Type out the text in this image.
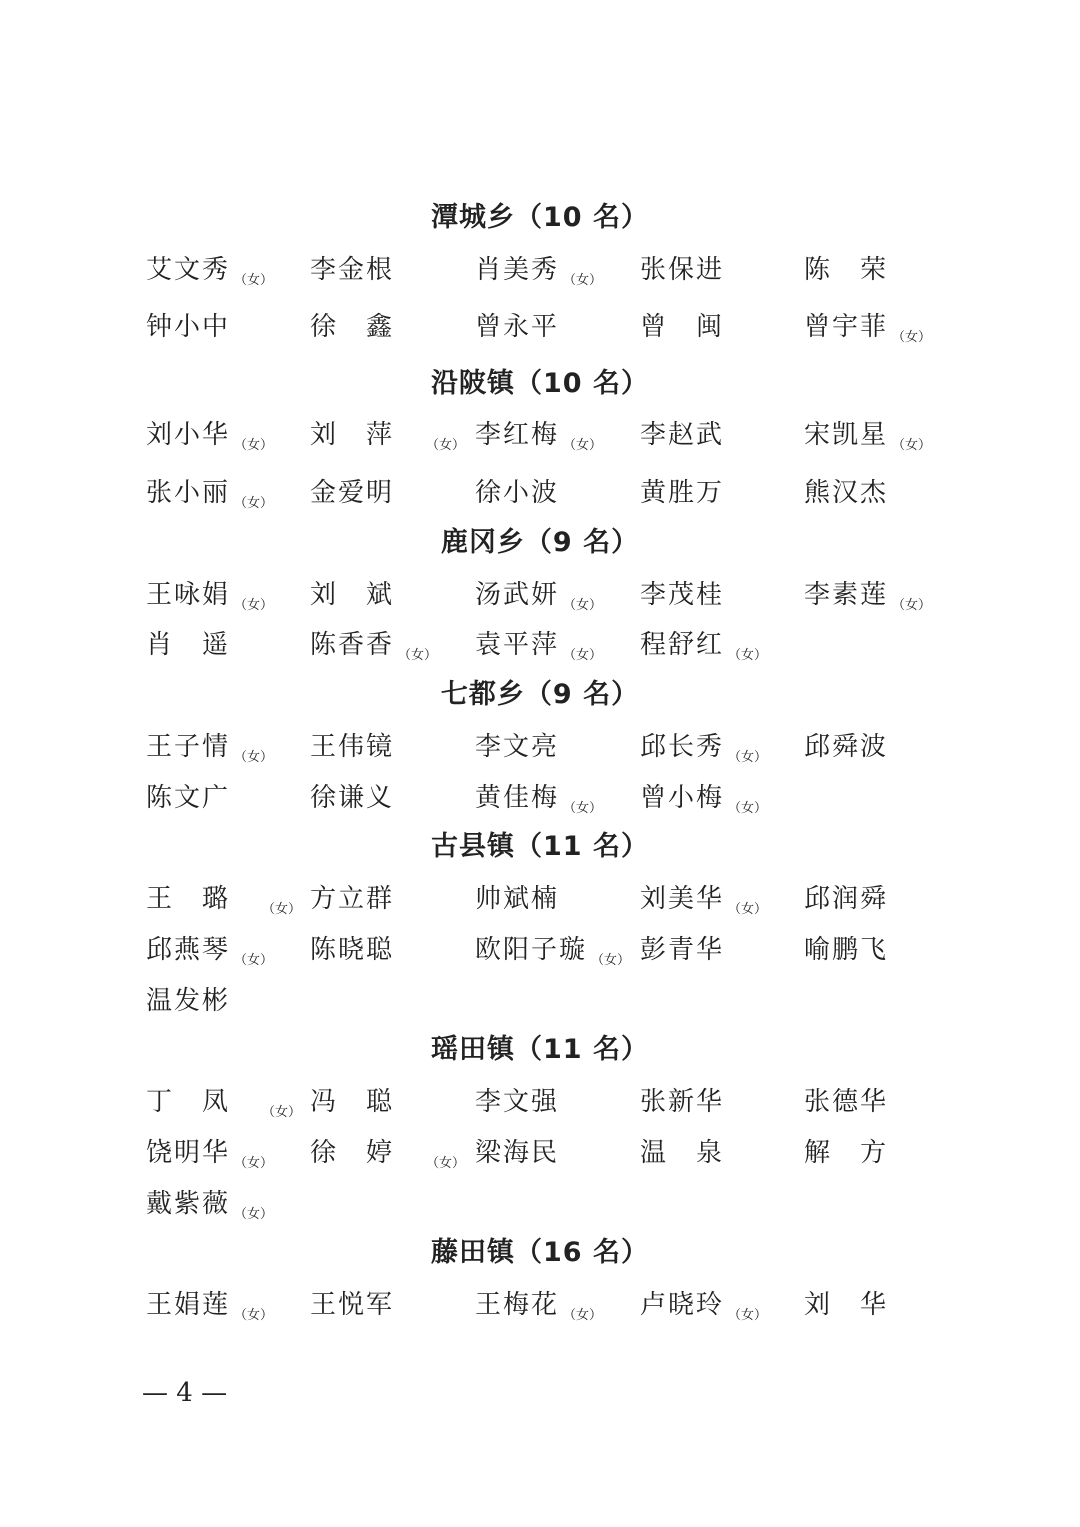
— 4 —
潭城乡（10 名）
艾文秀 $_{(女)}$ 李金根	肖美秀 $_{(女)}$ 张保进	陈荣
钟小中	徐鑫 曾永平	曾闽 曾宇菲 $_{(女)}$
沿陂镇（10 名）
刘小华 $_{(女)}$ 刘萍 $_{(女)}$ 李红梅 $_{(女)}$ 李赵武	宋凯星 $_{(女)}$
张小丽 $_{(女)}$ 金爱明	徐小波	黄胜万	熊汉杰
鹿冈乡（9 名）
王咏娟 $_{(女)}$ 刘斌 汤武妍 $_{(女)}$ 李茂桂	李素莲 $_{(女)}$
肖遥 陈香香 $_{(女)}$ 袁平萍 $_{(女)}$ 程舒红 $_{(女)}$
七都乡（9 名）
王子情 $_{(女)}$ 王伟镜	李文亮	邱长秀 $_{(女)}$ 邱舜波
陈文广	徐谦义	黄佳梅 $_{(女)}$ 曾小梅 $_{(女)}$
古县镇（11 名）
王璐 $_{(女)}$ 方立群	帅斌楠	刘美华 $_{(女)}$ 邱润舜
邱燕琴 $_{(女)}$ 陈晓聪	欧阳子璇 $_{(女)}$ 彭青华	喻鹏飞
温发彬
瑶田镇（11 名）
丁凤 $_{(女)}$ 冯聪 李文强	张新华	张德华
饶明华 $_{(女)}$ 徐婷 $_{(女)}$ 梁海民	温泉 解方
戴紫薇 $_{(女)}$
藤田镇（16 名）
王娟莲 $_{(女)}$ 王悦军	王梅花 $_{(女)}$ 卢晓玲 $_{(女)}$ 刘华
